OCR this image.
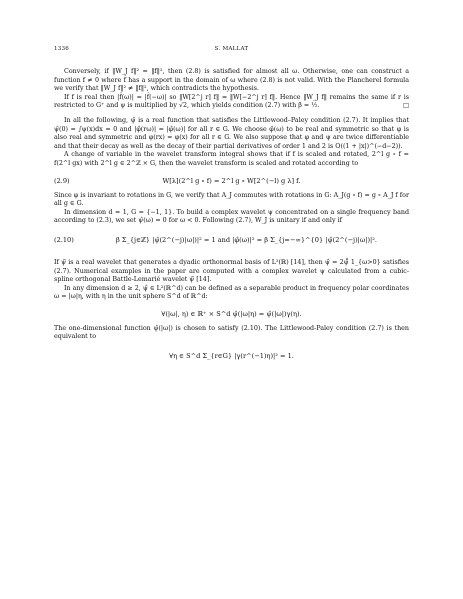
1336	S. MALLAT

Conversely, if ‖W_J f‖² = ‖f‖², then (2.8) is satisfied for almost all ω. Otherwise, one can construct a function f ≠ 0 where f̂ has a support in the domain of ω where (2.8) is not valid. With the Plancherel formula we verify that ‖W_J f‖² ≠ ‖f‖², which contradicts the hypothesis.

If f is real then |f̂(ω)| = |f̂(−ω)| so ‖W[2^j r] f‖ = ‖W[−2^j r] f‖. Hence ‖W_J f‖ remains the same if r is restricted to G⁺ and ψ is multiplied by √2, which yields condition (2.7) with β = ½.	□

In all the following, ψ̂ is a real function that satisfies the Littlewood–Paley condition (2.7). It implies that ψ̂(0) = ∫ψ(x)dx = 0 and |φ̂(rω)| = |φ̂(ω)| for all r ∈ G. We choose φ̂(ω) to be real and symmetric so that φ is also real and symmetric and φ(rx) = φ(x) for all r ∈ G. We also suppose that φ and ψ are twice differentiable and that their decay as well as the decay of their partial derivatives of order 1 and 2 is O((1 + |x|)^(−d−2)).

A change of variable in the wavelet transform integral shows that if f is scaled and rotated, 2^l g ∘ f = f(2^l gx) with 2^l g ∈ 2^ℤ × G, then the wavelet transform is scaled and rotated according to

(2.9)	W[λ](2^l g ∘ f) = 2^l g ∘ W[2^(−l) g λ] f.

Since φ is invariant to rotations in G, we verify that A_J commutes with rotations in G: A_J(g ∘ f) = g ∘ A_J f for all g ∈ G.

In dimension d = 1, G = {−1, 1}. To build a complex wavelet ψ concentrated on a single frequency band according to (2.3), we set ψ̂(ω) = 0 for ω < 0. Following (2.7), W_J is unitary if and only if

(2.10)	β Σ_{j∈ℤ} |ψ̂(2^(−j)|ω|)|² = 1 and |φ̂(ω)|² = β Σ_{j=−∞}^{0} |ψ̂(2^(−j)|ω|)|².

If ψ̃ is a real wavelet that generates a dyadic orthonormal basis of L²(ℝ) [14], then ψ̂ = 2ψ̃̂ 1_{ω>0} satisfies (2.7). Numerical examples in the paper are computed with a complex wavelet ψ calculated from a cubic-spline orthogonal Battle-Lemarié wavelet ψ̃ [14].

In any dimension d ≥ 2, ψ̂ ∈ L²(ℝ^d) can be defined as a separable product in frequency polar coordinates ω = |ω|η, with η in the unit sphere S^d of ℝ^d:

∀(|ω|, η) ∈ ℝ⁺ × S^d ψ̂(|ω|η) = ψ̂(|ω|)γ(η).

The one-dimensional function ψ̂(|ω|) is chosen to satisfy (2.10). The Littlewood-Paley condition (2.7) is then equivalent to

∀η ∈ S^d Σ_{r∈G} |γ(r^(−1)η)|² = 1.
